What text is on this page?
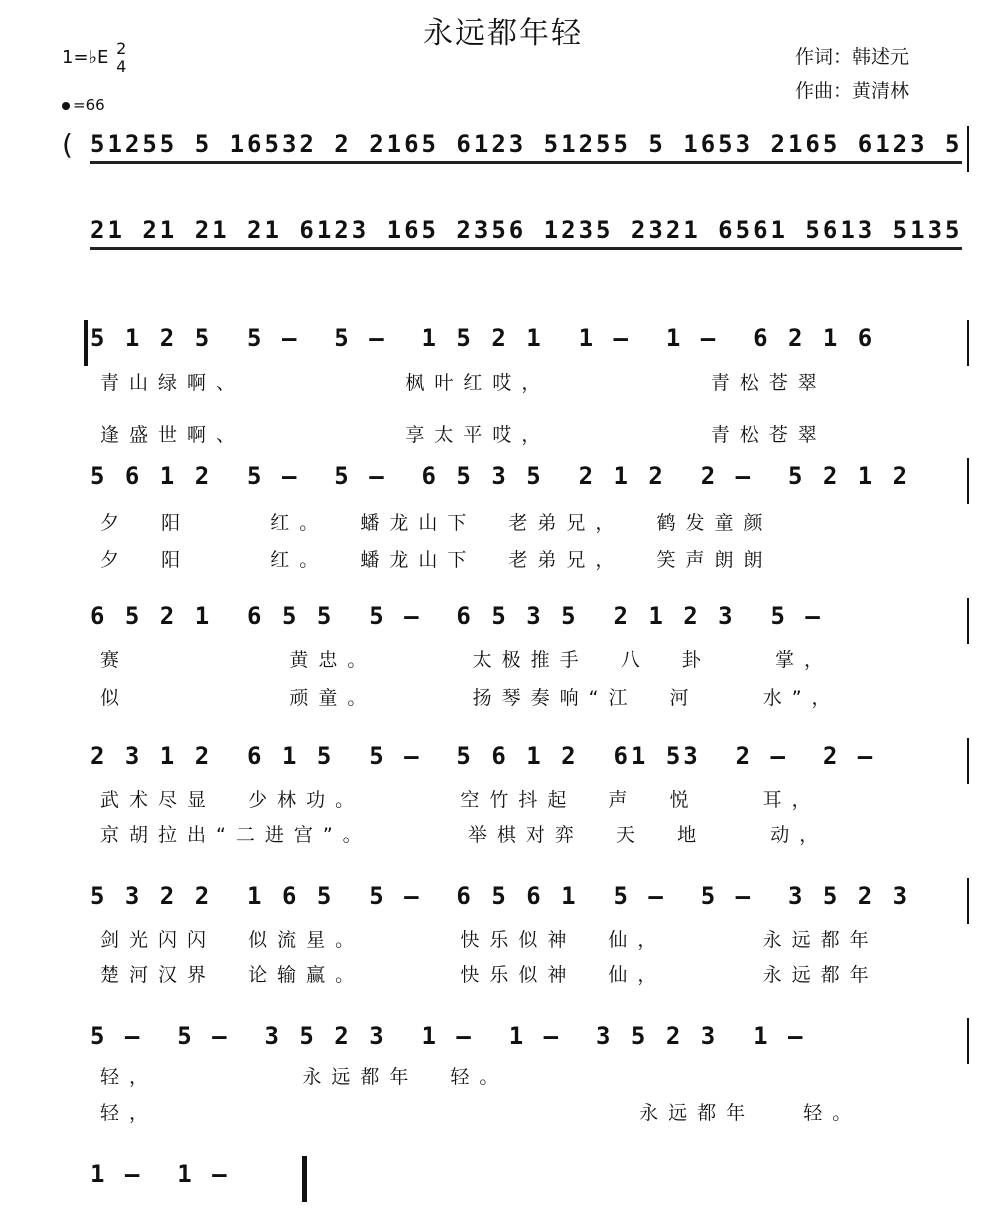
永远都年轻
作词：韩述元
作曲：黄清林
1=♭E 2
4
=66
( 51255 5 16532 2 2165 6123 51255 5 1653 2165 6123 5
21 21 21 21 6123 165 2356 1235 2321 6561 5613 5135
5 1 2 5  5 –  5 –  1 5 2 1  1 –  1 –  6 2 1 6
青山绿啊、          枫叶红哎，          青松苍翠
逢盛世啊、          享太平哎，          青松苍翠
5 6 1 2  5 –  5 –  6 5 3 5  2 1 2  2 –  5 2 1 2
夕  阳     红。  蟠龙山下  老弟兄，  鹤发童颜
夕  阳     红。  蟠龙山下  老弟兄，  笑声朗朗
6 5 2 1  6 5 5  5 –  6 5 3 5  2 1 2 3  5 –
赛          黄忠。      太极推手  八  卦    掌，
似          顽童。      扬琴奏响“江  河    水”，
2 3 1 2  6 1 5  5 –  5 6 1 2  61 53  2 –  2 –
武术尽显  少林功。      空竹抖起  声  悦    耳，
京胡拉出“二进宫”。      举棋对弈  天  地    动，
5 3 2 2  1 6 5  5 –  6 5 6 1  5 –  5 –  3 5 2 3
剑光闪闪  似流星。      快乐似神  仙，      永远都年
楚河汉界  论输赢。      快乐似神  仙，      永远都年
5 –  5 –  3 5 2 3  1 –  1 –  3 5 2 3  1 –
轻，         永远都年  轻。
轻，                              永远都年   轻。
1 –  1 –
